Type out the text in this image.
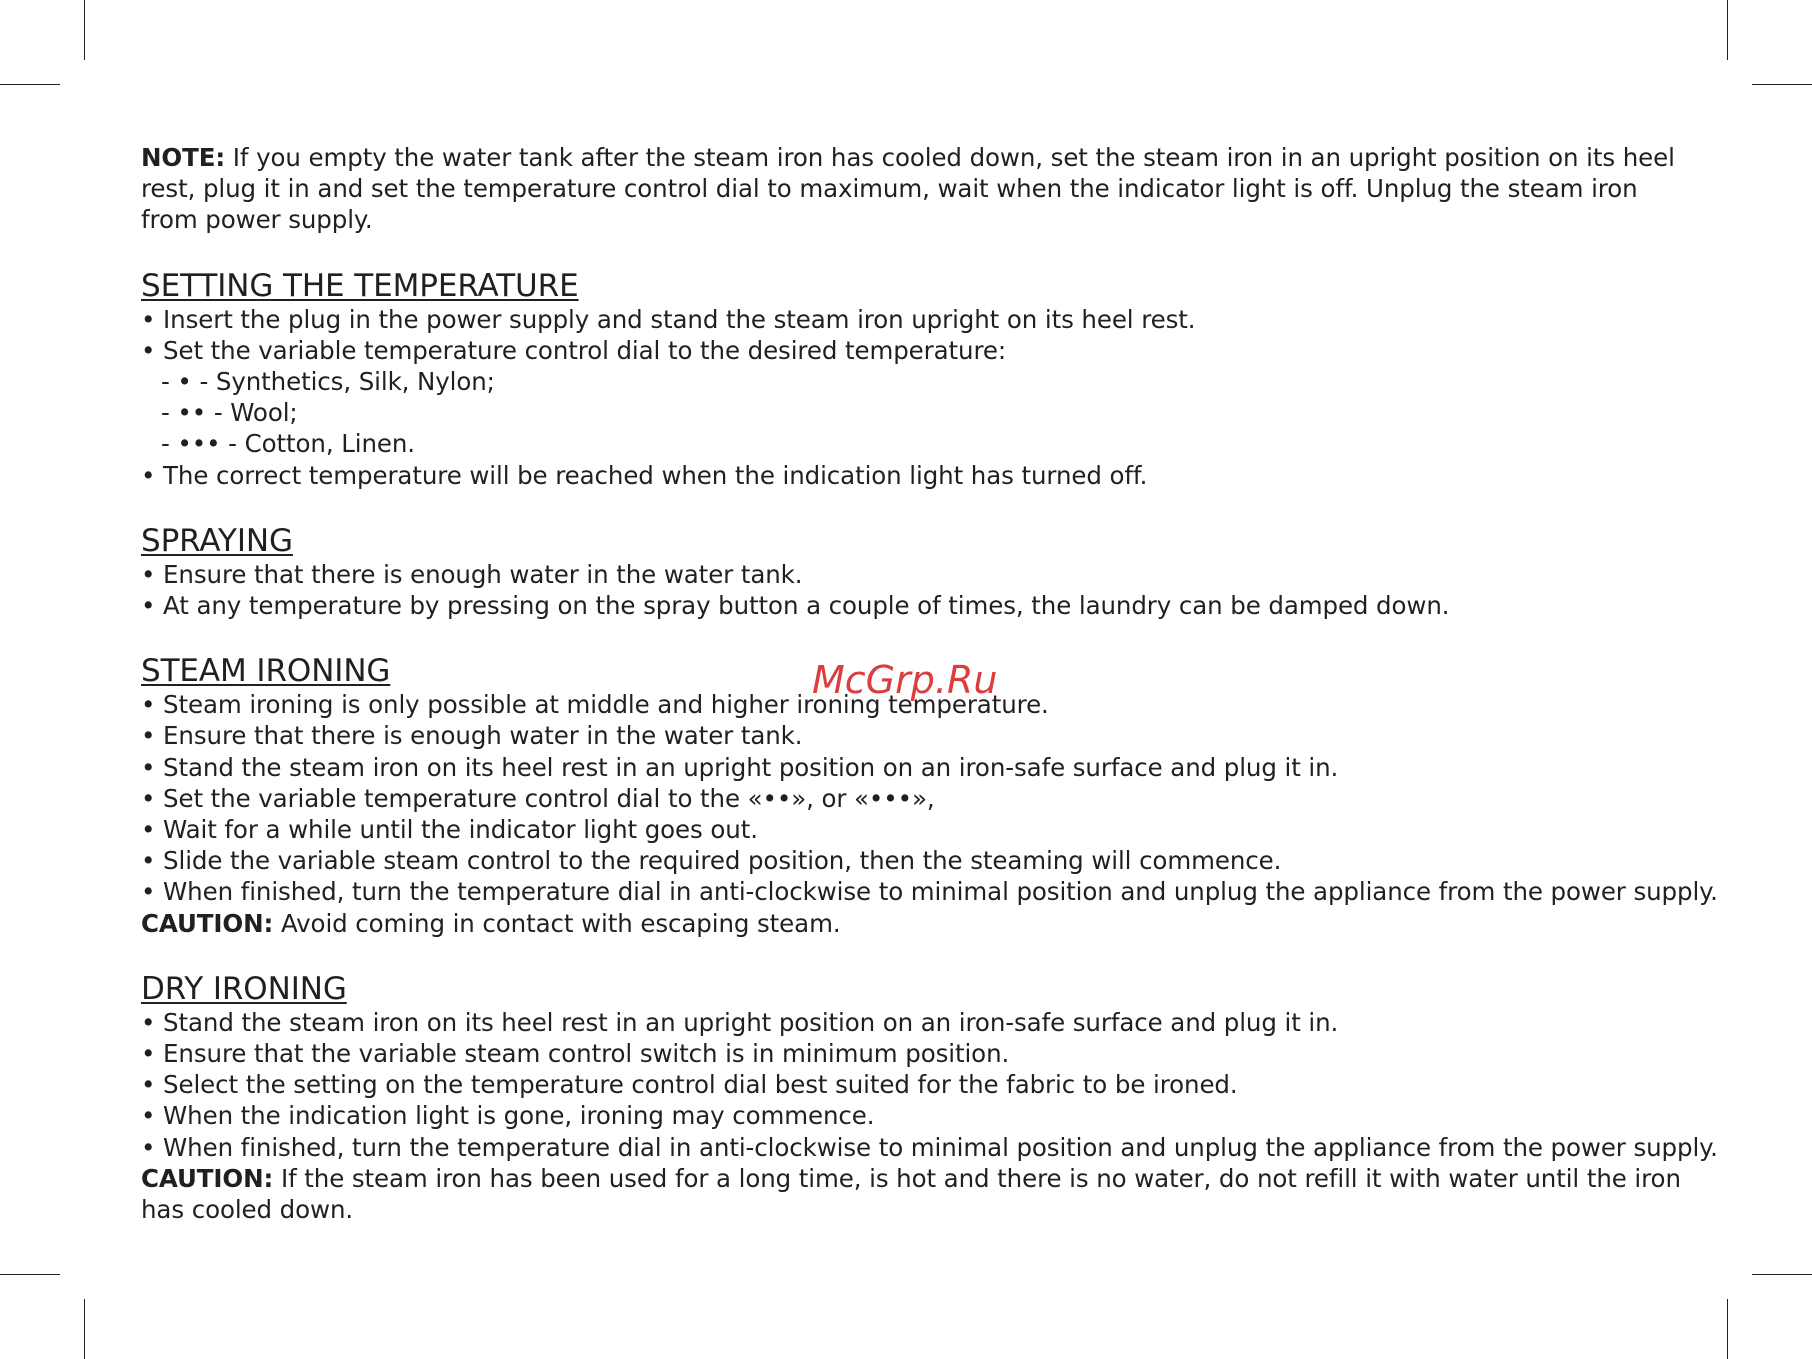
NOTE: If you empty the water tank after the steam iron has cooled down, set the steam iron in an upright position on its heel rest, plug it in and set the temperature control dial to maximum, wait when the indicator light is off. Unplug the steam iron from power supply.

SETTING THE TEMPERATURE

• Insert the plug in the power supply and stand the steam iron upright on its heel rest.

• Set the variable temperature control dial to the desired temperature:

- • - Synthetics, Silk, Nylon;

- •• - Wool;

- ••• - Cotton, Linen.

• The correct temperature will be reached when the indication light has turned off.

SPRAYING

• Ensure that there is enough water in the water tank.

• At any temperature by pressing on the spray button a couple of times, the laundry can be damped down.

STEAM IRONING

• Steam ironing is only possible at middle and higher ironing temperature.

• Ensure that there is enough water in the water tank.

• Stand the steam iron on its heel rest in an upright position on an iron-safe surface and plug it in.

• Set the variable temperature control dial to the «••», or «•••»,

• Wait for a while until the indicator light goes out.

• Slide the variable steam control to the required position, then the steaming will commence.

• When finished, turn the temperature dial in anti-clockwise to minimal position and unplug the appliance from the power supply.

CAUTION: Avoid coming in contact with escaping steam.

DRY IRONING

• Stand the steam iron on its heel rest in an upright position on an iron-safe surface and plug it in.

• Ensure that the variable steam control switch is in minimum position.

• Select the setting on the temperature control dial best suited for the fabric to be ironed.

• When the indication light is gone, ironing may commence.

• When finished, turn the temperature dial in anti-clockwise to minimal position and unplug the appliance from the power supply.

CAUTION: If the steam iron has been used for a long time, is hot and there is no water, do not refill it with water until the iron has cooled down.

McGrp.Ru
